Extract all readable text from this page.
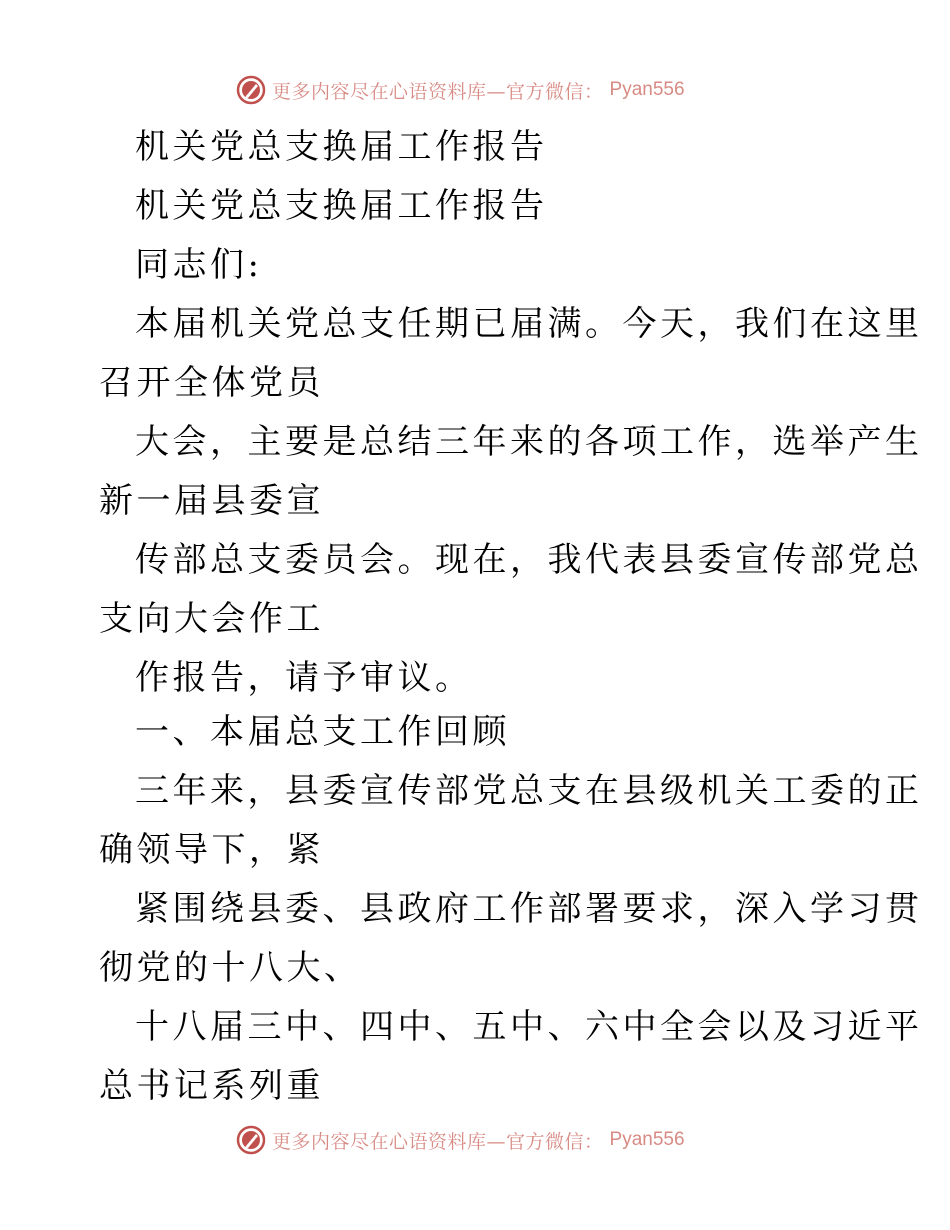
更多内容尽在心语资料库—官方微信： Pyan556
机关党总支换届工作报告
机关党总支换届工作报告
同志们:
本届机关党总支任期已届满。今天，我们在这里
召开全体党员
大会，主要是总结三年来的各项工作，选举产生
新一届县委宣
传部总支委员会。现在，我代表县委宣传部党总
支向大会作工
作报告，请予审议。
一、本届总支工作回顾
三年来，县委宣传部党总支在县级机关工委的正
确领导下，紧
紧围绕县委、县政府工作部署要求，深入学习贯
彻党的十八大、
十八届三中、四中、五中、六中全会以及习近平
总书记系列重
更多内容尽在心语资料库—官方微信： Pyan556
